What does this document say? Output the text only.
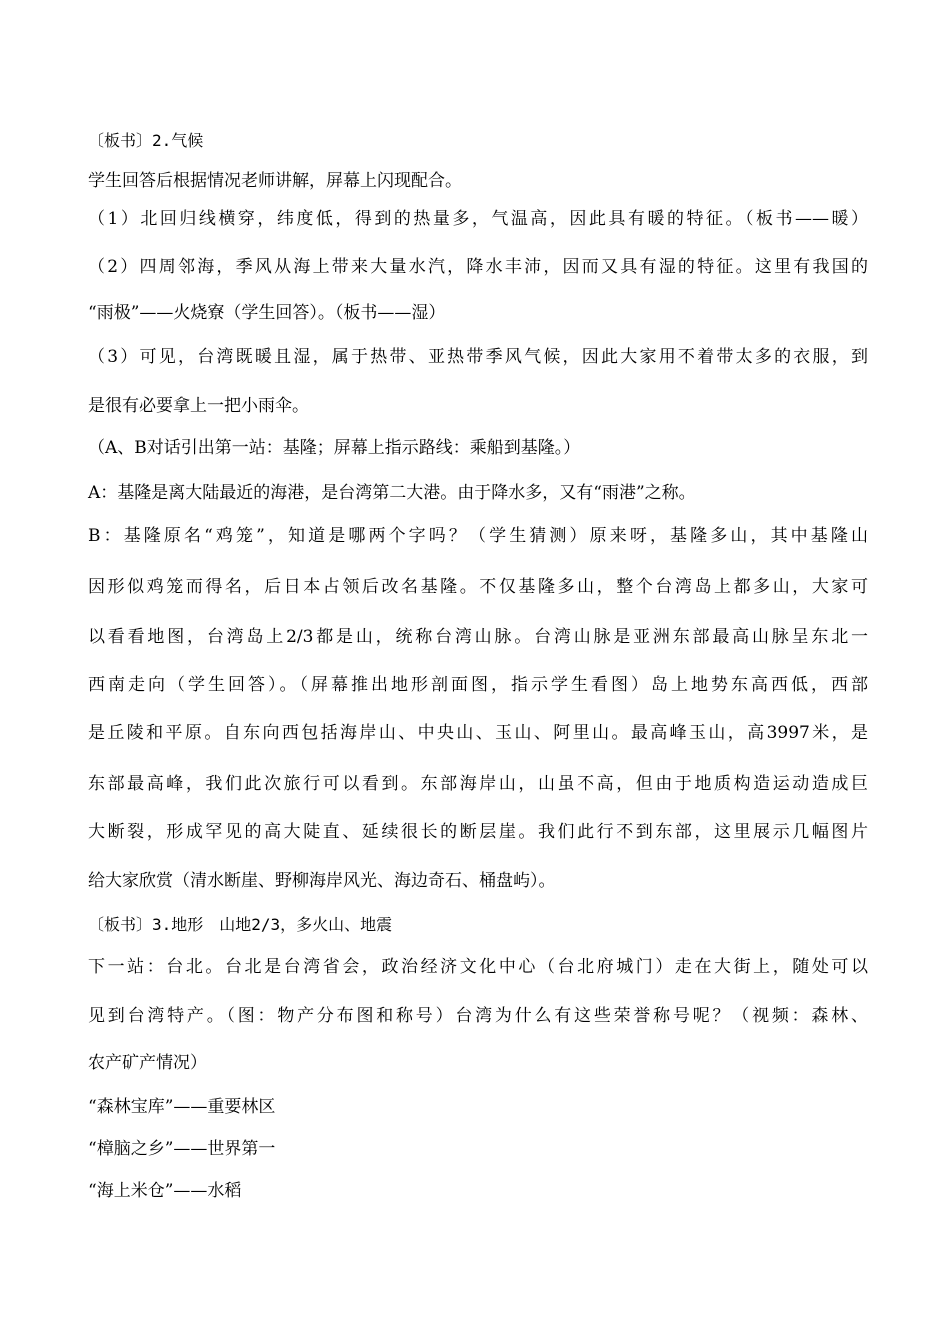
〔板书〕2.气候
学生回答后根据情况老师讲解，屏幕上闪现配合。
（1）北回归线横穿，纬度低，得到的热量多，气温高，因此具有暖的特征。（板书——暖）
（2）四周邻海，季风从海上带来大量水汽，降水丰沛，因而又具有湿的特征。这里有我国的
“雨极”——火烧寮（学生回答）。（板书——湿）
（3）可见，台湾既暖且湿，属于热带、亚热带季风气候，因此大家用不着带太多的衣服，到
是很有必要拿上一把小雨伞。
（A、B对话引出第一站：基隆；屏幕上指示路线：乘船到基隆。）
A：基隆是离大陆最近的海港，是台湾第二大港。由于降水多，又有“雨港”之称。
B：基隆原名“鸡笼”，知道是哪两个字吗？（学生猜测）原来呀，基隆多山，其中基隆山
因形似鸡笼而得名，后日本占领后改名基隆。不仅基隆多山，整个台湾岛上都多山，大家可
以看看地图，台湾岛上2/3都是山，统称台湾山脉。台湾山脉是亚洲东部最高山脉呈东北一
西南走向（学生回答）。（屏幕推出地形剖面图，指示学生看图）岛上地势东高西低，西部
是丘陵和平原。自东向西包括海岸山、中央山、玉山、阿里山。最高峰玉山，高3997米，是
东部最高峰，我们此次旅行可以看到。东部海岸山，山虽不高，但由于地质构造运动造成巨
大断裂，形成罕见的高大陡直、延续很长的断层崖。我们此行不到东部，这里展示几幅图片
给大家欣赏（清水断崖、野柳海岸风光、海边奇石、桶盘屿）。
〔板书〕3.地形　山地2/3，多火山、地震
下一站：台北。台北是台湾省会，政治经济文化中心（台北府城门）走在大街上，随处可以
见到台湾特产。（图：物产分布图和称号）台湾为什么有这些荣誉称号呢？（视频：森林、
农产矿产情况）
“森林宝库”——重要林区
“樟脑之乡”——世界第一
“海上米仓”——水稻
